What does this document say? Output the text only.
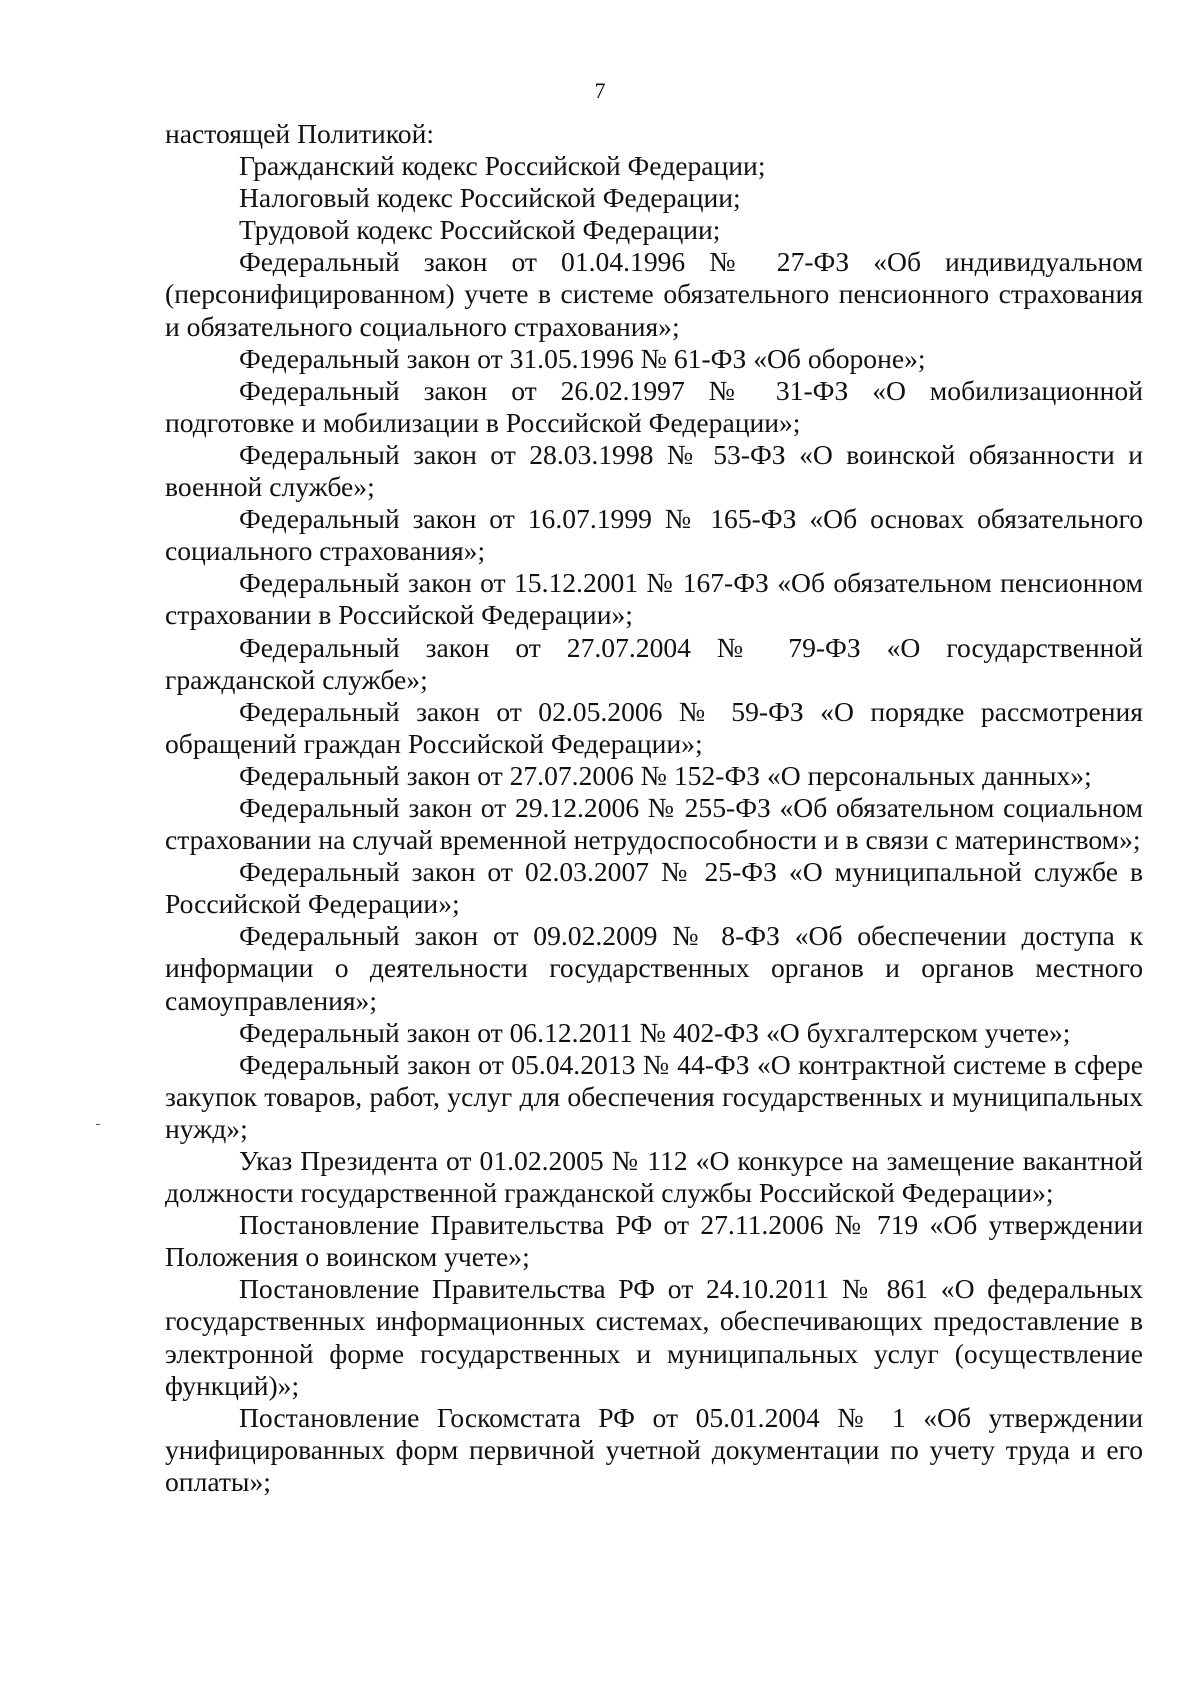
7

настоящей Политикой:

Гражданский кодекс Российской Федерации;

Налоговый кодекс Российской Федерации;

Трудовой кодекс Российской Федерации;

Федеральный закон от 01.04.1996 № 27-ФЗ «Об индивидуальном (персонифицированном) учете в системе обязательного пенсионного страхования и обязательного социального страхования»;

Федеральный закон от 31.05.1996 № 61-ФЗ «Об обороне»;

Федеральный закон от 26.02.1997 № 31-ФЗ «О мобилизационной подготовке и мобилизации в Российской Федерации»;

Федеральный закон от 28.03.1998 № 53-ФЗ «О воинской обязанности и военной службе»;

Федеральный закон от 16.07.1999 № 165-ФЗ «Об основах обязательного социального страхования»;

Федеральный закон от 15.12.2001 № 167-ФЗ «Об обязательном пенсионном страховании в Российской Федерации»;

Федеральный закон от 27.07.2004 № 79-ФЗ «О государственной гражданской службе»;

Федеральный закон от 02.05.2006 № 59-ФЗ «О порядке рассмотрения обращений граждан Российской Федерации»;

Федеральный закон от 27.07.2006 № 152-ФЗ «О персональных данных»;

Федеральный закон от 29.12.2006 № 255-ФЗ «Об обязательном социальном страховании на случай временной нетрудоспособности и в связи с материнством»;

Федеральный закон от 02.03.2007 № 25-ФЗ «О муниципальной службе в Российской Федерации»;

Федеральный закон от 09.02.2009 № 8-ФЗ «Об обеспечении доступа к информации о деятельности государственных органов и органов местного самоуправления»;

Федеральный закон от 06.12.2011 № 402-ФЗ «О бухгалтерском учете»;

Федеральный закон от 05.04.2013 № 44-ФЗ «О контрактной системе в сфере закупок товаров, работ, услуг для обеспечения государственных и муниципальных нужд»;

Указ Президента от 01.02.2005 № 112 «О конкурсе на замещение вакантной должности государственной гражданской службы Российской Федерации»;

Постановление Правительства РФ от 27.11.2006 № 719 «Об утверждении Положения о воинском учете»;

Постановление Правительства РФ от 24.10.2011 № 861 «О федеральных государственных информационных системах, обеспечивающих предоставление в электронной форме государственных и муниципальных услуг (осуществление функций)»;

Постановление Госкомстата РФ от 05.01.2004 № 1 «Об утверждении унифицированных форм первичной учетной документации по учету труда и его оплаты»;
